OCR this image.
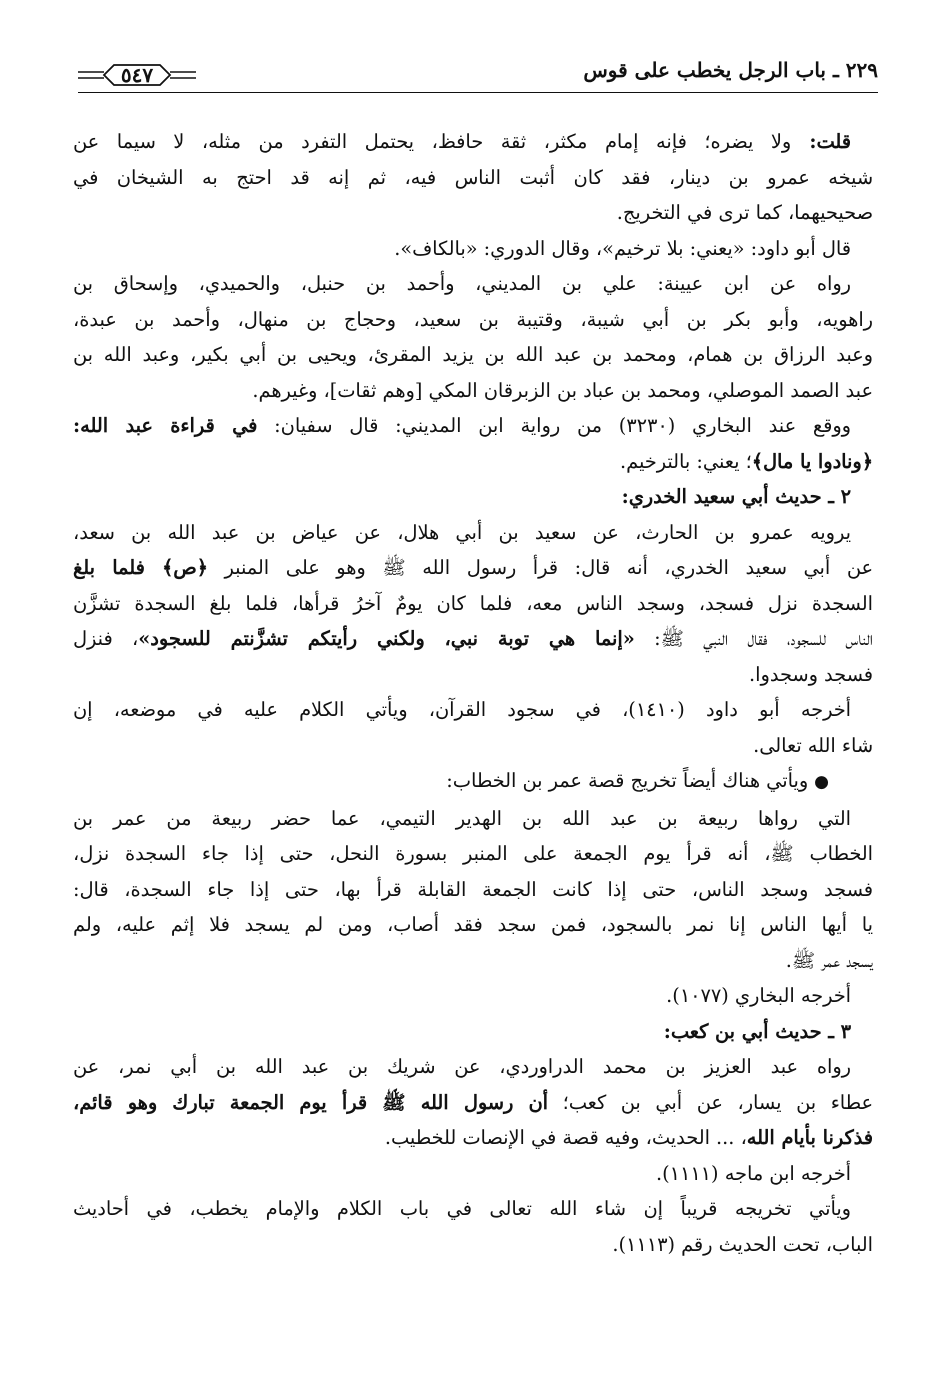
٢٢٩ ـ باب الرجل يخطب على قوس
٥٤٧

قلت: ولا يضره؛ فإنه إمام مكثر، ثقة حافظ، يحتمل التفرد من مثله، لا سيما عن
شيخه عمرو بن دينار، فقد كان أثبت الناس فيه، ثم إنه قد احتج به الشيخان في
صحيحيهما، كما ترى في التخريج.

قال أبو داود: «يعني: بلا ترخيم»، وقال الدوري: «بالكاف».

رواه عن ابن عيينة: علي بن المديني، وأحمد بن حنبل، والحميدي، وإسحاق بن
راهويه، وأبو بكر بن أبي شيبة، وقتيبة بن سعيد، وحجاج بن منهال، وأحمد بن عبدة،
وعبد الرزاق بن همام، ومحمد بن عبد الله بن يزيد المقرئ، ويحيى بن أبي بكير، وعبد الله بن
عبد الصمد الموصلي، ومحمد بن عباد بن الزبرقان المكي [وهم ثقات]، وغيرهم.

ووقع عند البخاري (٣٢٣٠) من رواية ابن المديني: قال سفيان: في قراءة عبد الله:
﴿ونادوا يا مال﴾؛ يعني: بالترخيم.

٢ ـ حديث أبي سعيد الخدري:

يرويه عمرو بن الحارث، عن سعيد بن أبي هلال، عن عياض بن عبد الله بن سعد،
عن أبي سعيد الخدري، أنه قال: قرأ رسول الله ﷺ وهو على المنبر ﴿ص﴾ فلما بلغ
السجدة نزل فسجد، وسجد الناس معه، فلما كان يومٌ آخرُ قرأها، فلما بلغ السجدة تشزَّن
الناس للسجود، فقال النبي ﷺ: «إنما هي توبة نبي، ولكني رأيتكم تشزَّنتم للسجود»، فنزل
فسجد وسجدوا.

أخرجه أبو داود (١٤١٠)، في سجود القرآن، ويأتي الكلام عليه في موضعه، إن
شاء الله تعالى.

●ويأتي هناك أيضاً تخريج قصة عمر بن الخطاب:

التي رواها ربيعة بن عبد الله بن الهدير التيمي، عما حضر ربيعة من عمر بن
الخطاب ﷺ، أنه قرأ يوم الجمعة على المنبر بسورة النحل، حتى إذا جاء السجدة نزل،
فسجد وسجد الناس، حتى إذا كانت الجمعة القابلة قرأ بها، حتى إذا جاء السجدة، قال:
يا أيها الناس إنا نمر بالسجود، فمن سجد فقد أصاب، ومن لم يسجد فلا إثم عليه، ولم
يسجد عمر ﷺ.

أخرجه البخاري (١٠٧٧).

٣ ـ حديث أبي بن كعب:

رواه عبد العزيز بن محمد الدراوردي، عن شريك بن عبد الله بن أبي نمر، عن
عطاء بن يسار، عن أبي بن كعب؛ أن رسول الله ﷺ قرأ يوم الجمعة تبارك وهو قائم،
فذكرنا بأيام الله، ... الحديث، وفيه قصة في الإنصات للخطيب.

أخرجه ابن ماجه (١١١١).

ويأتي تخريجه قريباً إن شاء الله تعالى في باب الكلام والإمام يخطب، في أحاديث
الباب، تحت الحديث رقم (١١١٣).
